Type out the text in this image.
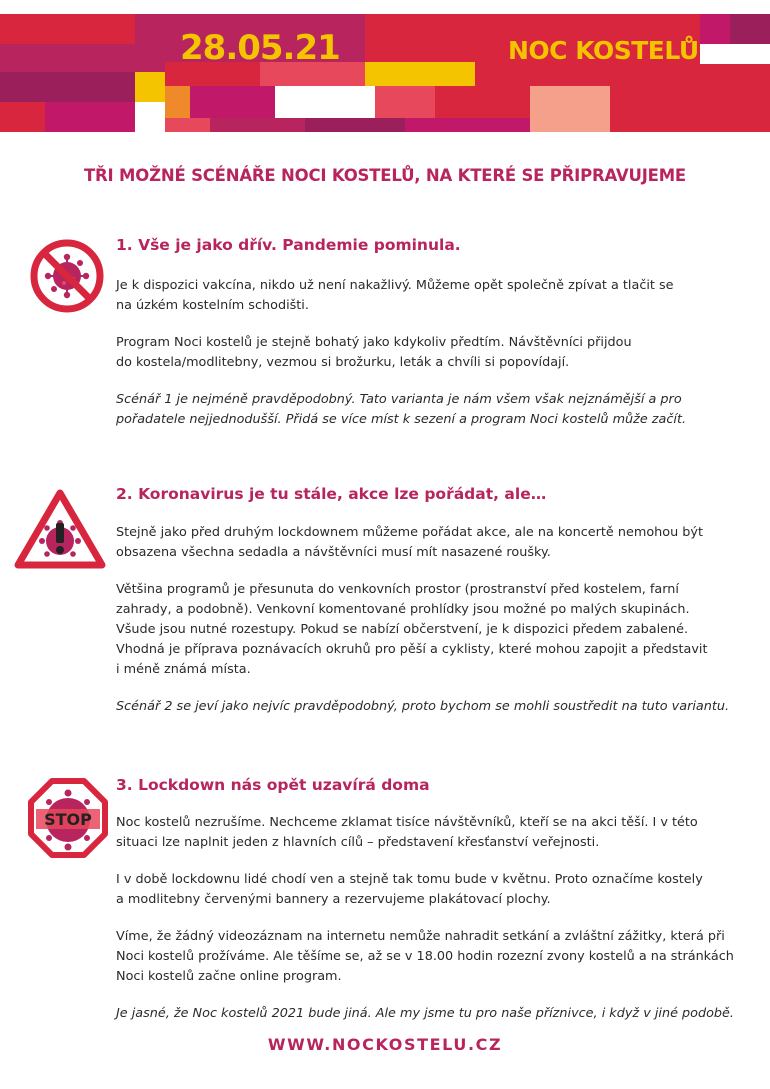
28.05.21	NOC KOSTELŮ
TŘI MOŽNÉ SCÉNÁŘE NOCI KOSTELŮ, NA KTERÉ SE PŘIPRAVUJEME
1. Vše je jako dřív. Pandemie pominula.

Je k dispozici vakcína, nikdo už není nakažlivý. Můžeme opět společně zpívat a tlačit se
na úzkém kostelním schodišti.

Program Noci kostelů je stejně bohatý jako kdykoliv předtím. Návštěvníci přijdou
do kostela/modlitebny, vezmou si brožurku, leták a chvíli si popovídají.

Scénář 1 je nejméně pravděpodobný. Tato varianta je nám všem však nejznámější a pro
pořadatele nejjednodušší. Přidá se více míst k sezení a program Noci kostelů může začít.

2. Koronavirus je tu stále, akce lze pořádat, ale…

Stejně jako před druhým lockdownem můžeme pořádat akce, ale na koncertě nemohou být
obsazena všechna sedadla a návštěvníci musí mít nasazené roušky.

Většina programů je přesunuta do venkovních prostor (prostranství před kostelem, farní
zahrady, a podobně). Venkovní komentované prohlídky jsou možné po malých skupinách.
Všude jsou nutné rozestupy. Pokud se nabízí občerstvení, je k dispozici předem zabalené.
Vhodná je příprava poznávacích okruhů pro pěší a cyklisty, které mohou zapojit a představit
i méně známá místa.

Scénář 2 se jeví jako nejvíc pravděpodobný, proto bychom se mohli soustředit na tuto variantu.

STOP
3. Lockdown nás opět uzavírá doma

Noc kostelů nezrušíme. Nechceme zklamat tisíce návštěvníků, kteří se na akci těší. I v této
situaci lze naplnit jeden z hlavních cílů – představení křesťanství veřejnosti.

I v době lockdownu lidé chodí ven a stejně tak tomu bude v květnu. Proto označíme kostely
a modlitebny červenými bannery a rezervujeme plakátovací plochy.

Víme, že žádný videozáznam na internetu nemůže nahradit setkání a zvláštní zážitky, která při
Noci kostelů prožíváme. Ale těšíme se, až se v 18.00 hodin rozezní zvony kostelů a na stránkách
Noci kostelů začne online program.

Je jasné, že Noc kostelů 2021 bude jiná. Ale my jsme tu pro naše příznivce, i když v jiné podobě.

WWW.NOCKOSTELU.CZ
